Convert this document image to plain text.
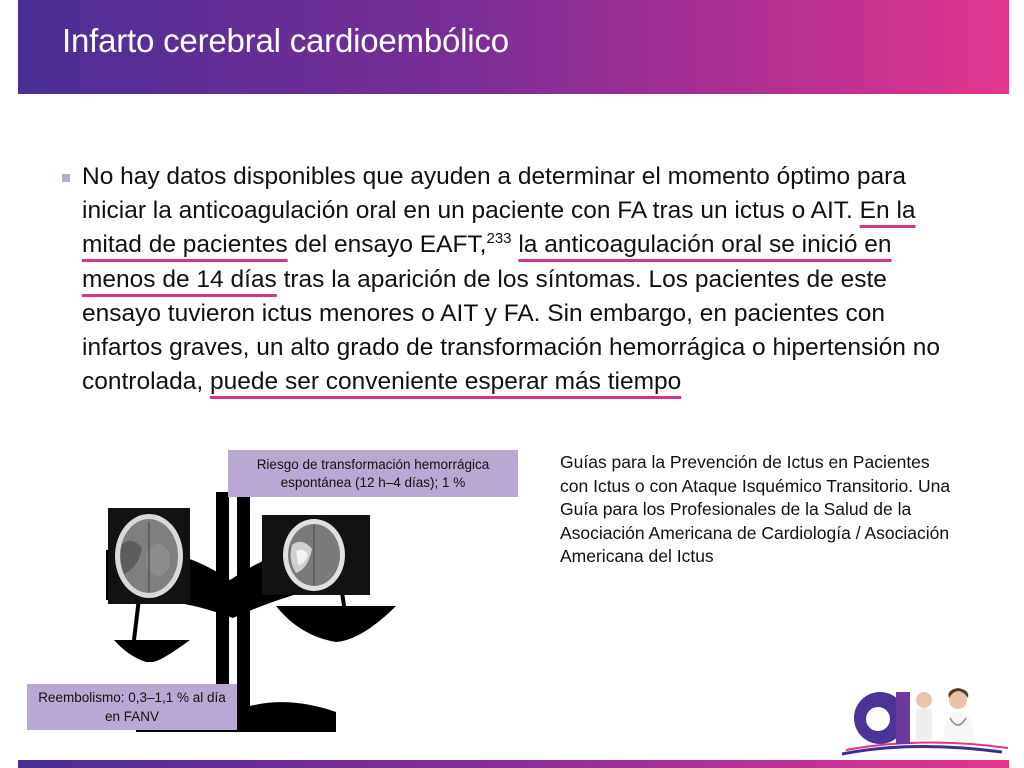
Infarto cerebral cardioembólico
No hay datos disponibles que ayuden a determinar el momento óptimo para iniciar la anticoagulación oral en un paciente con FA tras un ictus o AIT. En la mitad de pacientes del ensayo EAFT,$^{233}$ la anticoagulación oral se inició en menos de 14 días tras la aparición de los síntomas. Los pacientes de este ensayo tuvieron ictus menores o AIT y FA. Sin embargo, en pacientes con infartos graves, un alto grado de transformación hemorrágica o hipertensión no controlada, puede ser conveniente esperar más tiempo
Riesgo de transformación hemorrágica espontánea (12 h–4 días); 1 %
Reembolismo: 0,3–1,1 % al día en FANV
Guías para la Prevención de Ictus en Pacientes con Ictus o con Ataque Isquémico Transitorio. Una Guía para los Profesionales de la Salud de la Asociación Americana de Cardiología / Asociación Americana del Ictus
